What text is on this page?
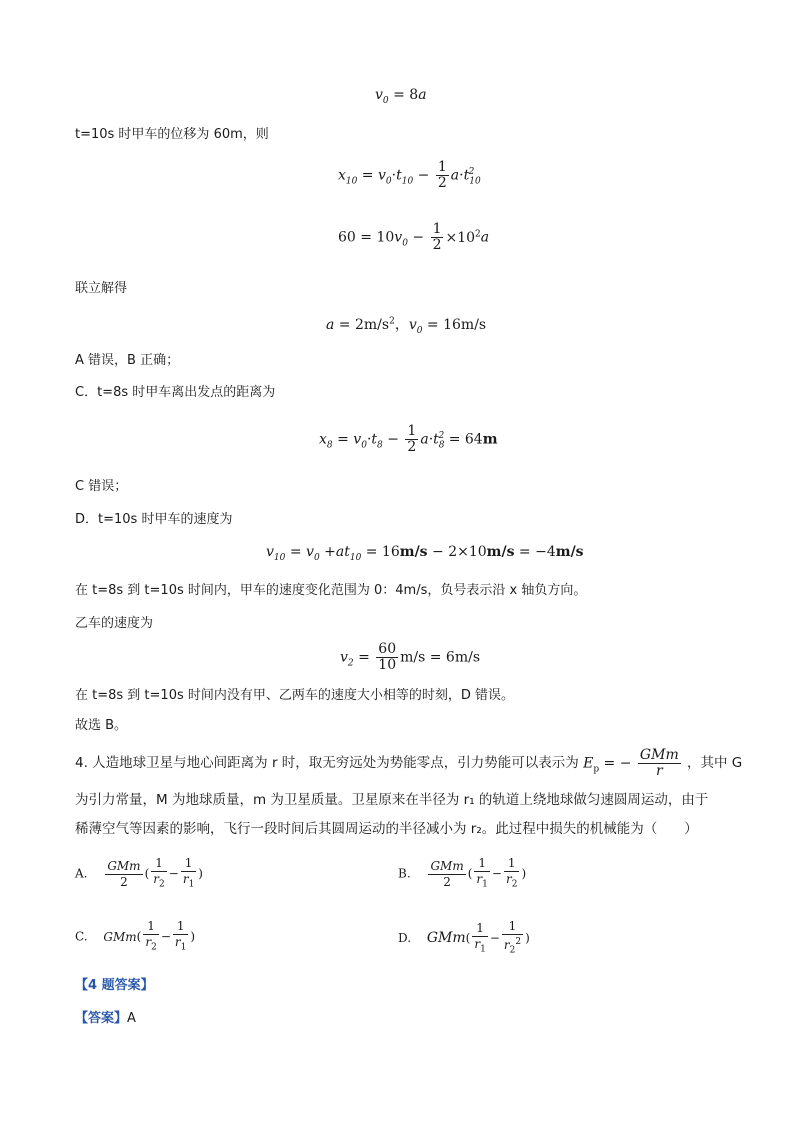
$v_0 = 8a$
t=10s 时甲车的位移为 60m，则
$x_{10} = v_0\cdot t_{10} - \frac{1}{2} a\cdot t_{10}^2$
$60 = 10v_0 - \frac{1}{2} \times 10^2a$
联立解得
$a = 2m/s^2$，$v_0 = 16m/s$
A 错误，B 正确；
C．t=8s 时甲车离出发点的距离为
$x_8 = v_0\cdot t_8 - \frac{1}{2} a\cdot t_8^2 = 64m$
C 错误；
D．t=10s 时甲车的速度为
$v_{10} = v_0 +at_{10} = 16m/s - 2\times 10m/s = -4m/s$
在 t=8s 到 t=10s 时间内，甲车的速度变化范围为 0：4m/s，负号表示沿 x 轴负方向。
乙车的速度为
$v_2 = \frac{60}{10} m/s = 6m/s$
在 t=8s 到 t=10s 时间内没有甲、乙两车的速度大小相等的时刻，D 错误。
故选 B。
4. 人造地球卫星与地心间距离为 r 时，取无穷远处为势能零点，引力势能可以表示为 $E_p$ = − $\frac{\text{GMm}}{r}$ ，其中 G
为引力常量，M 为地球质量，m 为卫星质量。卫星原来在半径为 r₁ 的轨道上绕地球做匀速圆周运动，由于
稀薄空气等因素的影响，飞行一段时间后其圆周运动的半径减小为 r₂。此过程中损失的机械能为（　　）
A. $\frac{\text{GMm}}{2}$ ( $\frac{1}{r_2} - \frac{1}{r_1}$ )	B. $\frac{\text{GMm}}{2}$ ( $\frac{1}{r_1} - \frac{1}{r_2}$ )
C. $GMm( \frac{1}{r_2} - \frac{1}{r_1}$ )	D. $GMm( \frac{1}{r_1} - \frac{1}{r_2^2}$ )
【4 题答案】
【答案】A
